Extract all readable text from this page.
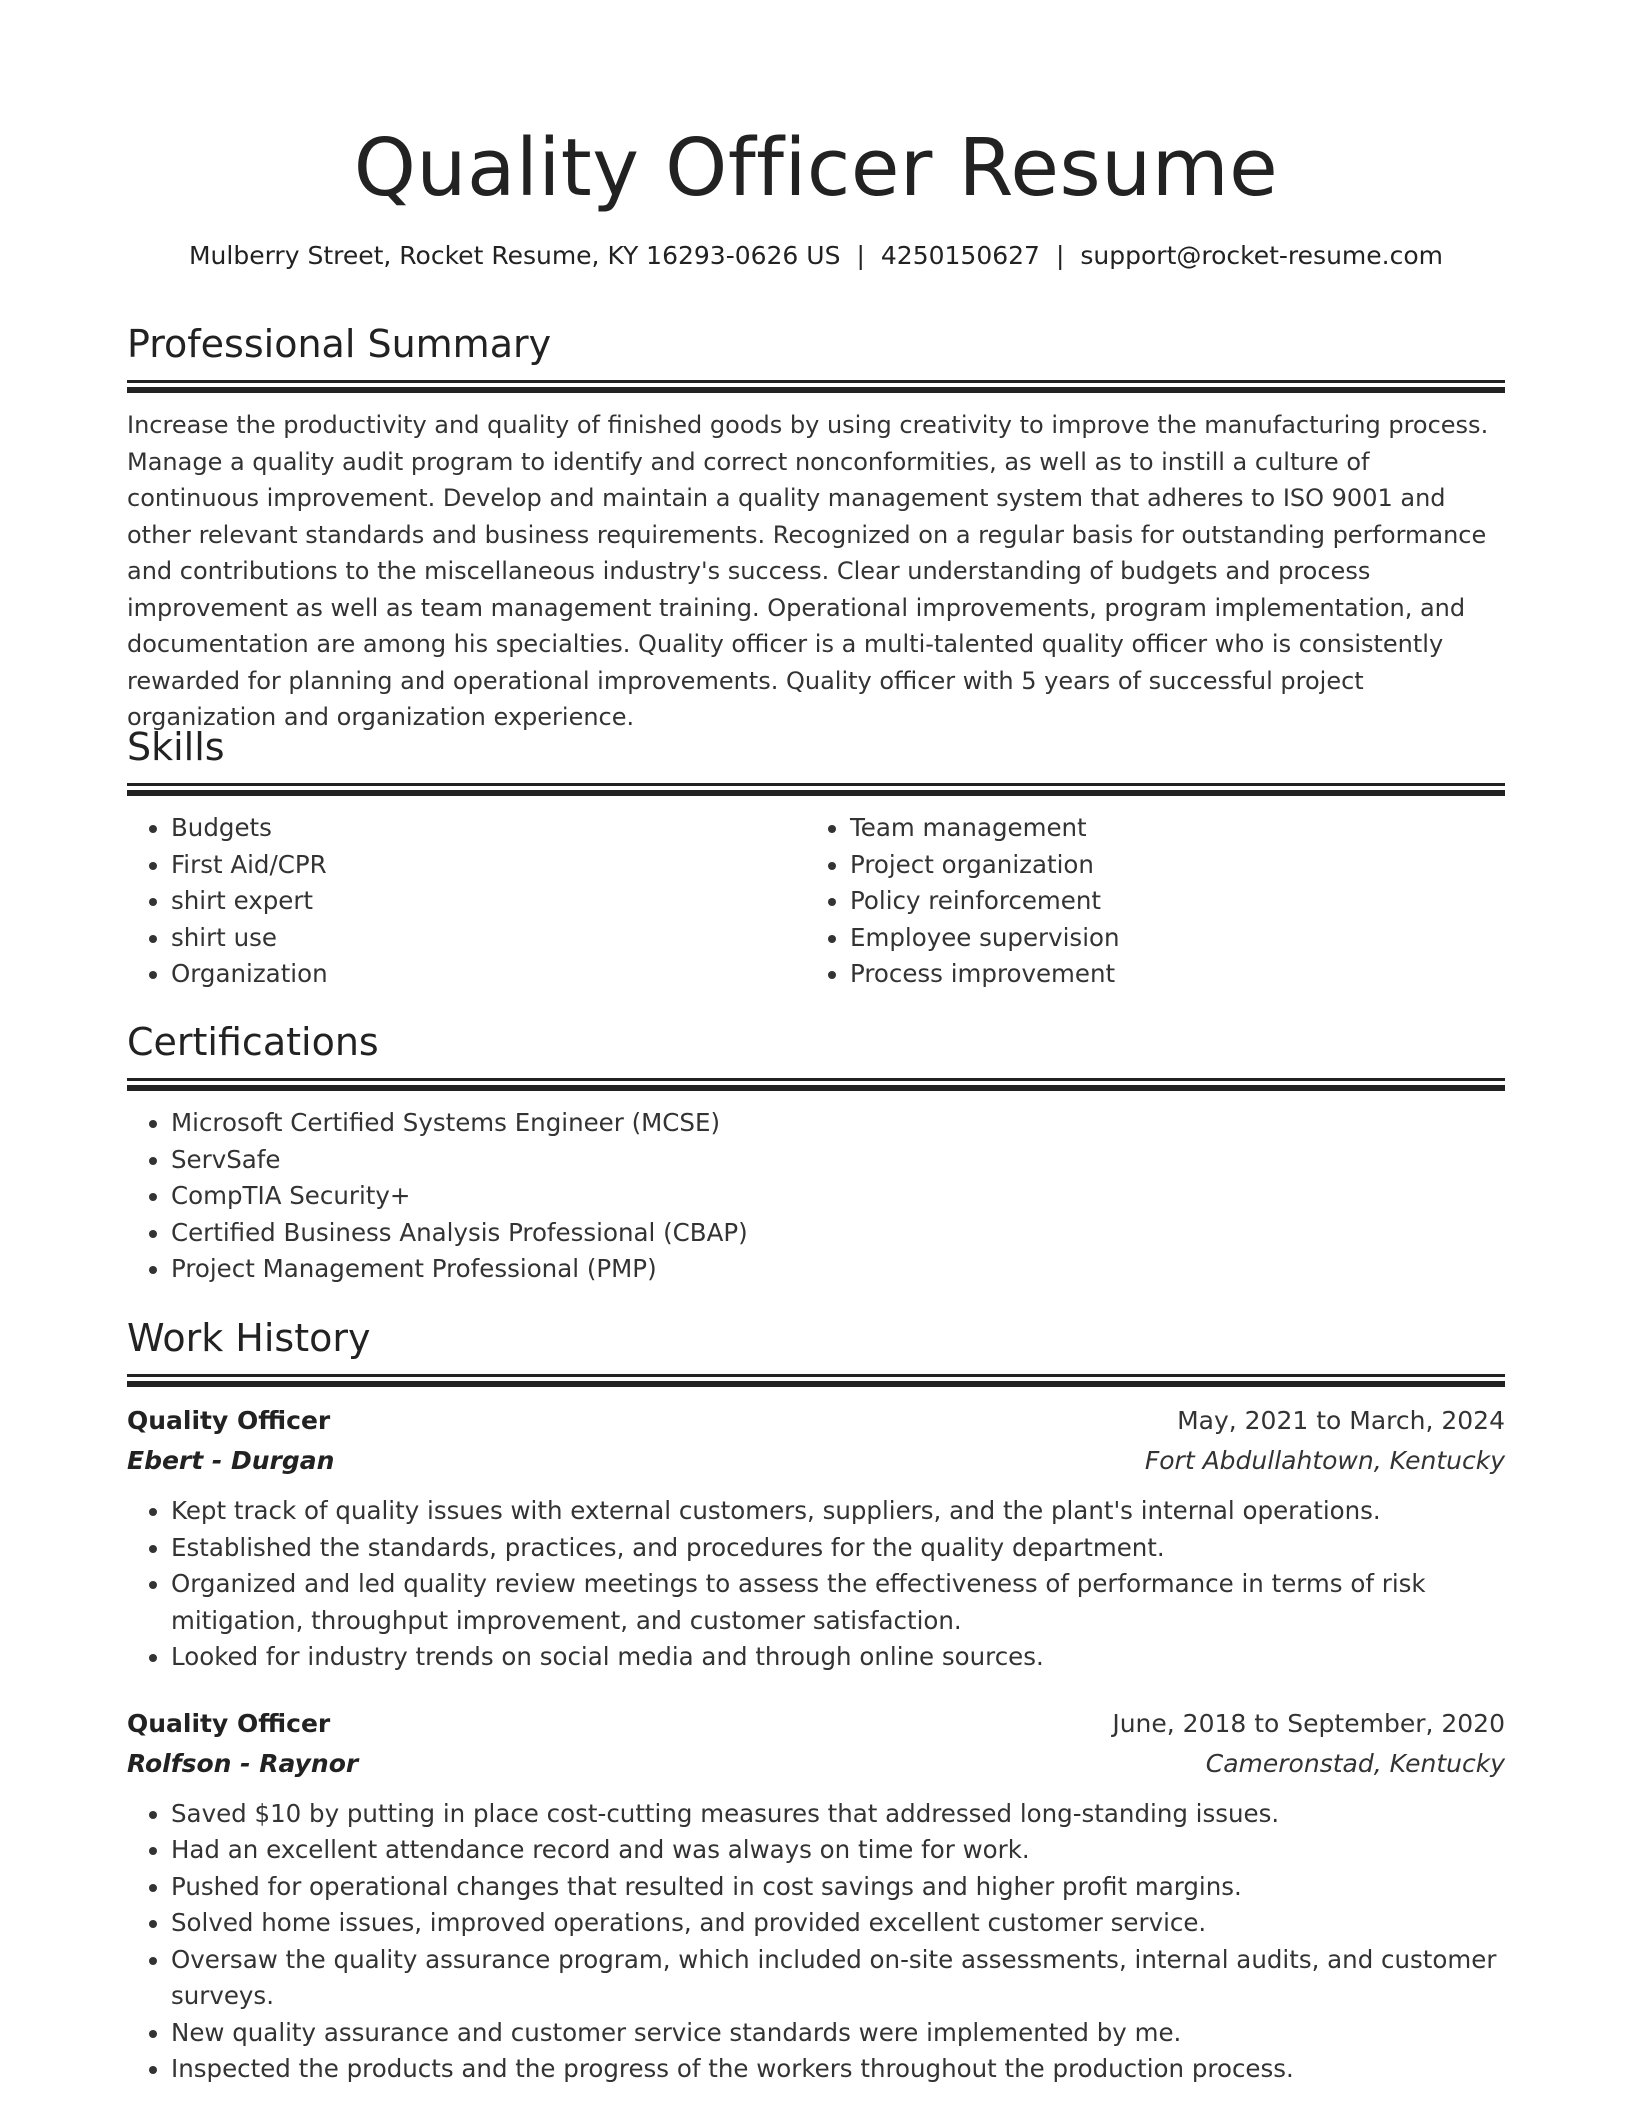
Quality Officer Resume
Mulberry Street, Rocket Resume, KY 16293-0626 US | 4250150627 | support@rocket-resume.com
Professional Summary

Increase the productivity and quality of finished goods by using creativity to improve the manufacturing process. Manage a quality audit program to identify and correct nonconformities, as well as to instill a culture of continuous improvement. Develop and maintain a quality management system that adheres to ISO 9001 and other relevant standards and business requirements. Recognized on a regular basis for outstanding performance and contributions to the miscellaneous industry's success. Clear understanding of budgets and process improvement as well as team management training. Operational improvements, program implementation, and documentation are among his specialties. Quality officer is a multi-talented quality officer who is consistently rewarded for planning and operational improvements. Quality officer with 5 years of successful project organization and organization experience.

Skills
• Budgets
• First Aid/CPR
• shirt expert
• shirt use
• Organization
• Team management
• Project organization
• Policy reinforcement
• Employee supervision
• Process improvement
Certifications
• Microsoft Certified Systems Engineer (MCSE)
• ServSafe
• CompTIA Security+
• Certified Business Analysis Professional (CBAP)
• Project Management Professional (PMP)
Work History
Quality Officer	May, 2021 to March, 2024
Ebert - Durgan	Fort Abdullahtown, Kentucky
• Kept track of quality issues with external customers, suppliers, and the plant's internal operations.
• Established the standards, practices, and procedures for the quality department.
• Organized and led quality review meetings to assess the effectiveness of performance in terms of risk mitigation, throughput improvement, and customer satisfaction.
• Looked for industry trends on social media and through online sources.
Quality Officer	June, 2018 to September, 2020
Rolfson - Raynor	Cameronstad, Kentucky
• Saved $10 by putting in place cost-cutting measures that addressed long-standing issues.
• Had an excellent attendance record and was always on time for work.
• Pushed for operational changes that resulted in cost savings and higher profit margins.
• Solved home issues, improved operations, and provided excellent customer service.
• Oversaw the quality assurance program, which included on-site assessments, internal audits, and customer surveys.
• New quality assurance and customer service standards were implemented by me.
• Inspected the products and the progress of the workers throughout the production process.
